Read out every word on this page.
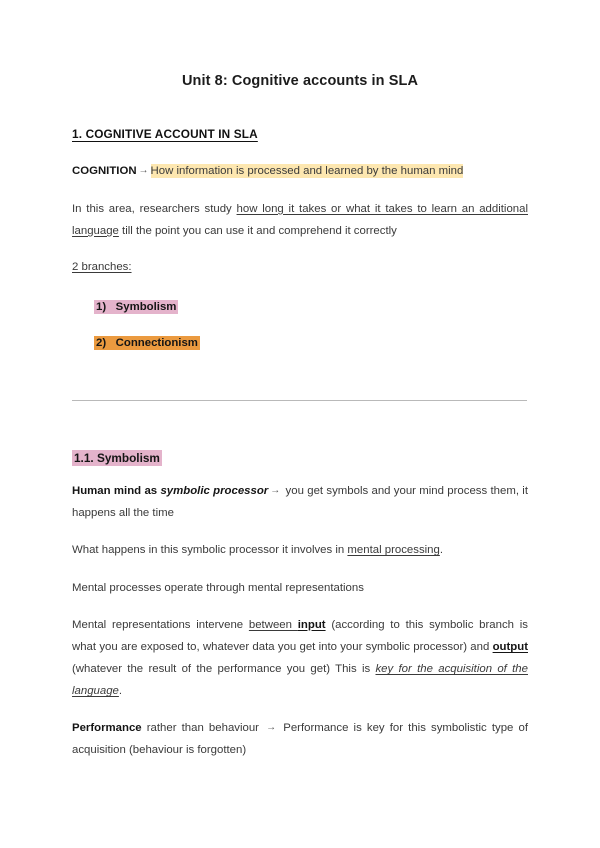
Unit 8: Cognitive accounts in SLA
1. COGNITIVE ACCOUNT IN SLA

COGNITION → How information is processed and learned by the human mind

In this area, researchers study how long it takes or what it takes to learn an additional language till the point you can use it and comprehend it correctly

2 branches:

1) Symbolism
2) Connectionism
1.1. Symbolism

Human mind as symbolic processor → you get symbols and your mind process them, it happens all the time

What happens in this symbolic processor it involves in mental processing.

Mental processes operate through mental representations

Mental representations intervene between input (according to this symbolic branch is what you are exposed to, whatever data you get into your symbolic processor) and output (whatever the result of the performance you get) This is key for the acquisition of the language.

Performance rather than behaviour → Performance is key for this symbolistic type of acquisition (behaviour is forgotten)
